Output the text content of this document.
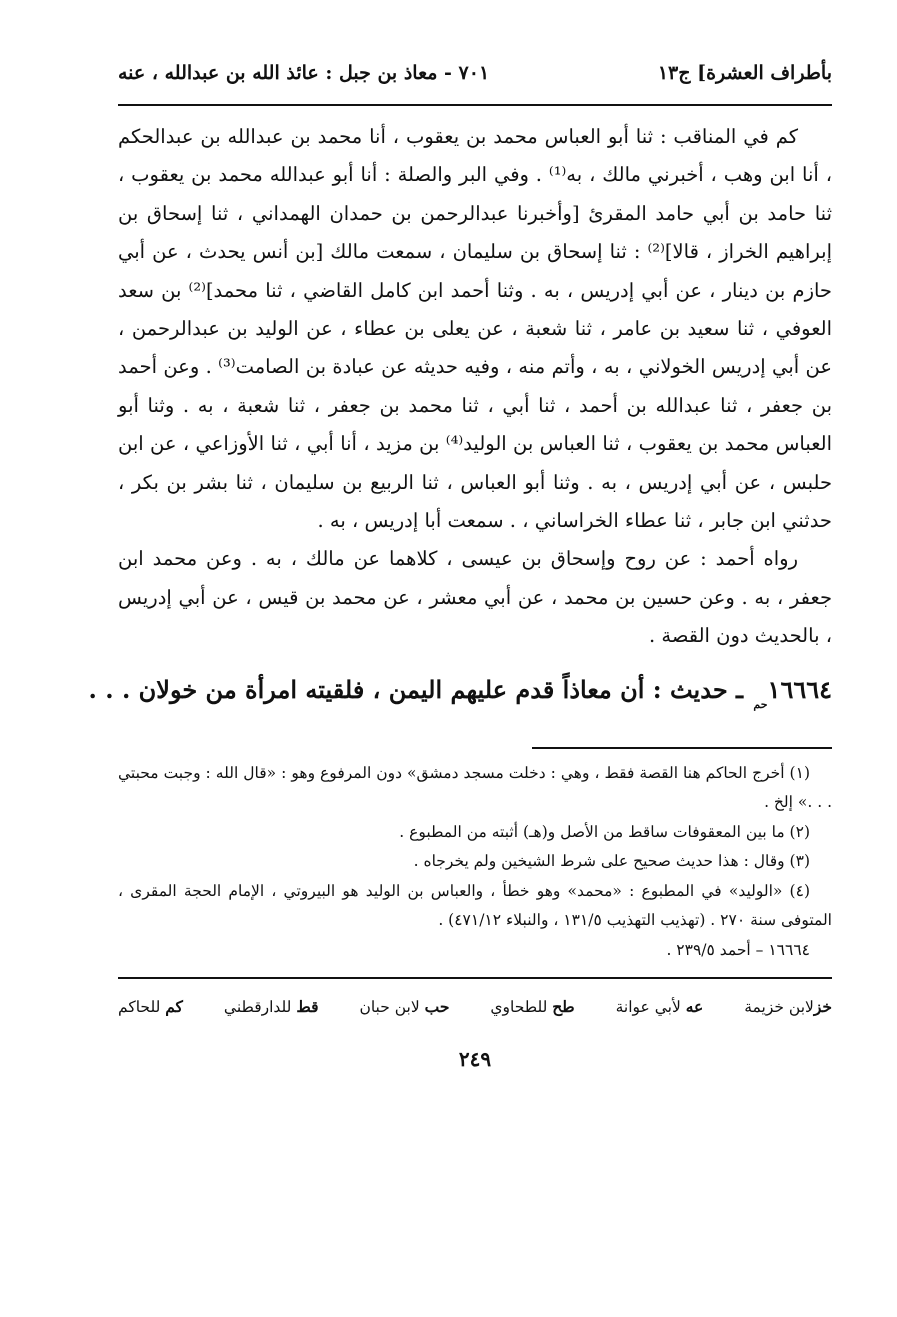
بأطراف العشرة] ج١٣
٧٠١ - معاذ بن جبل : عائذ الله بن عبدالله ، عنه

كم في المناقب : ثنا أبو العباس محمد بن يعقوب ، أنا محمد بن عبدالله بن عبدالحكم ، أنا ابن وهب ، أخبرني مالك ، به⁽¹⁾ . وفي البر والصلة : أنا أبو عبدالله محمد بن يعقوب ، ثنا حامد بن أبي حامد المقرئ [وأخبرنا عبدالرحمن بن حمدان الهمداني ، ثنا إسحاق بن إبراهيم الخراز ، قالا]⁽²⁾ : ثنا إسحاق بن سليمان ، سمعت مالك [بن أنس يحدث ، عن أبي حازم بن دينار ، عن أبي إدريس ، به . وثنا أحمد ابن كامل القاضي ، ثنا محمد]⁽²⁾ بن سعد العوفي ، ثنا سعيد بن عامر ، ثنا شعبة ، عن يعلى بن عطاء ، عن الوليد بن عبدالرحمن ، عن أبي إدريس الخولاني ، به ، وأتم منه ، وفيه حديثه عن عبادة بن الصامت⁽³⁾ . وعن أحمد بن جعفر ، ثنا عبدالله بن أحمد ، ثنا أبي ، ثنا محمد بن جعفر ، ثنا شعبة ، به . وثنا أبو العباس محمد بن يعقوب ، ثنا العباس بن الوليد⁽⁴⁾ بن مزيد ، أنا أبي ، ثنا الأوزاعي ، عن ابن حلبس ، عن أبي إدريس ، به . وثنا أبو العباس ، ثنا الربيع بن سليمان ، ثنا بشر بن بكر ، حدثني ابن جابر ، ثنا عطاء الخراساني ، . سمعت أبا إدريس ، به .

رواه أحمد : عن روح وإسحاق بن عيسى ، كلاهما عن مالك ، به . وعن محمد ابن جعفر ، به . وعن حسين بن محمد ، عن أبي معشر ، عن محمد بن قيس ، عن أبي إدريس ، بالحديث دون القصة .

١٦٦٦٤حم ـ حديث : أن معاذاً قدم عليهم اليمن ، فلقيته امرأة من خولان . . .

(١) أخرج الحاكم هنا القصة فقط ، وهي : دخلت مسجد دمشق» دون المرفوع وهو : «قال الله : وجبت محبتي . . .» إلخ .

(٢) ما بين المعقوفات ساقط من الأصل و(هـ) أثبته من المطبوع .

(٣) وقال : هذا حديث صحيح على شرط الشيخين ولم يخرجاه .

(٤) «الوليد» في المطبوع : «محمد» وهو خطأ ، والعباس بن الوليد هو البيروتي ، الإمام الحجة المقرى ، المتوفى سنة ٢٧٠ . (تهذيب التهذيب ١٣١/٥ ، والنبلاء ٤٧١/١٢) .

١٦٦٦٤ – أحمد ٢٣٩/٥ .

خزلابن خزيمة
عه لأبي عوانة
طح للطحاوي
حب لابن حبان
قط للدارقطني
كم للحاكم
٢٤٩
